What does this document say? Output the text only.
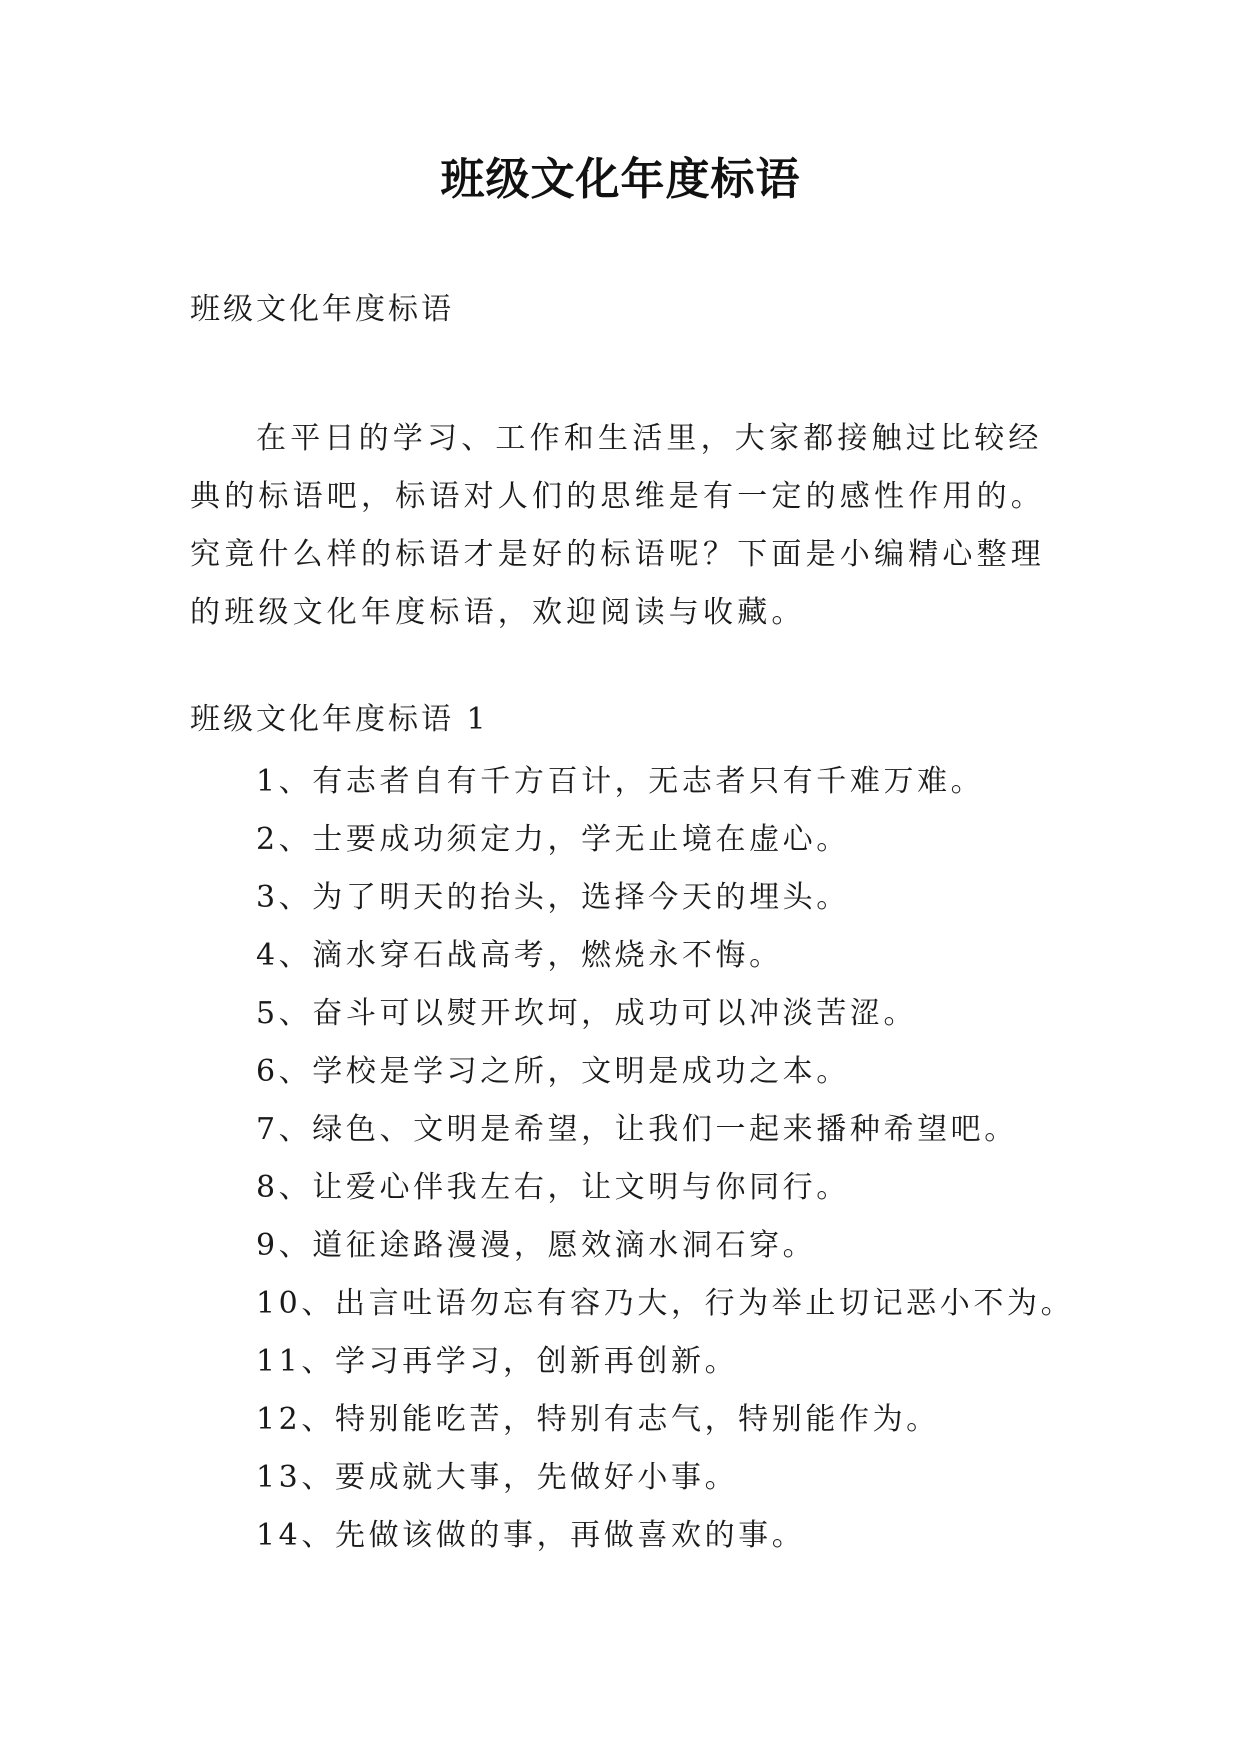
班级文化年度标语

班级文化年度标语

在平日的学习、工作和生活里，大家都接触过比较经典的标语吧，标语对人们的思维是有一定的感性作用的。究竟什么样的标语才是好的标语呢？下面是小编精心整理的班级文化年度标语，欢迎阅读与收藏。

班级文化年度标语 1

1、有志者自有千方百计，无志者只有千难万难。
2、士要成功须定力，学无止境在虚心。
3、为了明天的抬头，选择今天的埋头。
4、滴水穿石战高考，燃烧永不悔。
5、奋斗可以熨开坎坷，成功可以冲淡苦涩。
6、学校是学习之所，文明是成功之本。
7、绿色、文明是希望，让我们一起来播种希望吧。
8、让爱心伴我左右，让文明与你同行。
9、道征途路漫漫，愿效滴水洞石穿。
10、出言吐语勿忘有容乃大，行为举止切记恶小不为。
11、学习再学习，创新再创新。
12、特别能吃苦，特别有志气，特别能作为。
13、要成就大事，先做好小事。
14、先做该做的事，再做喜欢的事。
